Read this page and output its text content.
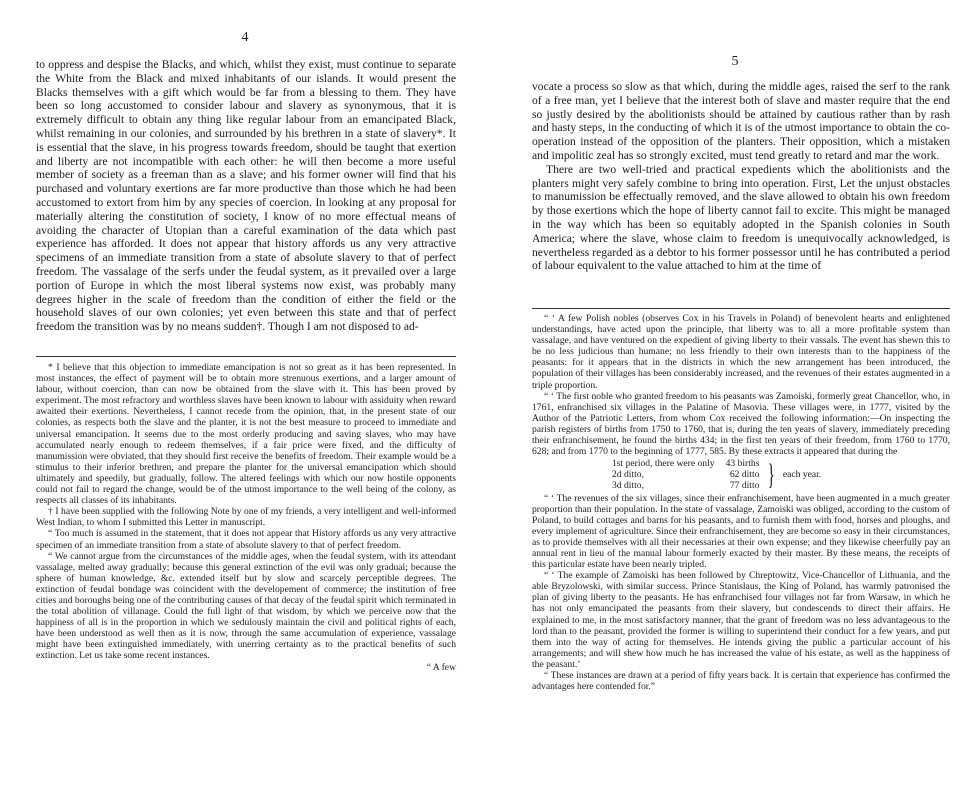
4

to oppress and despise the Blacks, and which, whilst they exist, must continue to separate the White from the Black and mixed inhabitants of our islands. It would present the Blacks themselves with a gift which would be far from a blessing to them. They have been so long accustomed to consider labour and slavery as synonymous, that it is extremely difficult to obtain any thing like regular labour from an emancipated Black, whilst remaining in our colonies, and surrounded by his brethren in a state of slavery*. It is essential that the slave, in his progress towards freedom, should be taught that exertion and liberty are not incompatible with each other: he will then become a more useful member of society as a freeman than as a slave; and his former owner will find that his purchased and voluntary exertions are far more productive than those which he had been accustomed to extort from him by any species of coercion. In looking at any proposal for materially altering the constitution of society, I know of no more effectual means of avoiding the character of Utopian than a careful examination of the data which past experience has afforded. It does not appear that history affords us any very attractive specimens of an immediate transition from a state of absolute slavery to that of perfect freedom. The vassalage of the serfs under the feudal system, as it prevailed over a large portion of Europe in which the most liberal systems now exist, was probably many degrees higher in the scale of freedom than the condition of either the field or the household slaves of our own colonies; yet even between this state and that of perfect freedom the transition was by no means sudden†. Though I am not disposed to ad-

* I believe that this objection to immediate emancipation is not so great as it has been represented. In most instances, the effect of payment will be to obtain more strenuous exertions, and a larger amount of labour, without coercion, than can now be obtained from the slave with it. This has been proved by experiment. The most refractory and worthless slaves have been known to labour with assiduity when reward awaited their exertions. Nevertheless, I cannot recede from the opinion, that, in the present state of our colonies, as respects both the slave and the planter, it is not the best measure to proceed to immediate and universal emancipation. It seems due to the most orderly producing and saving slaves, who may have accumulated nearly enough to redeem themselves, if a fair price were fixed, and the difficulty of manumission were obviated, that they should first receive the benefits of freedom. Their example would be a stimulus to their inferior brethren, and prepare the planter for the universal emancipation which should ultimately and speedily, but gradually, follow. The altered feelings with which our now hostile opponents could not fail to regard the change, would be of the utmost importance to the well being of the colony, as respects all classes of its inhabitants.

† I have been supplied with the following Note by one of my friends, a very intelligent and well-informed West Indian, to whom I submitted this Letter in manuscript.

“ Too much is assumed in the statement, that it does not appear that History affords us any very attractive specimen of an immediate transition from a state of absolute slavery to that of perfect freedom.

“ We cannot argue from the circumstances of the middle ages, when the feudal system, with its attendant vassalage, melted away gradually; because this general extinction of the evil was only gradual; because the sphere of human knowledge, &c. extended itself but by slow and scarcely perceptible degrees. The extinction of feudal bondage was coincident with the developement of commerce; the institution of free cities and boroughs being one of the contributing causes of that decay of the feudal spirit which terminated in the total abolition of villanage. Could the full light of that wisdom, by which we perceive now that the happiness of all is in the proportion in which we sedulously maintain the civil and political rights of each, have been understood as well then as it is now, through the same accumulation of experience, vassalage might have been extinguished immediately, with unerring certainty as to the practical benefits of such extinction. Let us take some recent instances.

“ A few
5

vocate a process so slow as that which, during the middle ages, raised the serf to the rank of a free man, yet I believe that the interest both of slave and master require that the end so justly desired by the abolitionists should be attained by cautious rather than by rash and hasty steps, in the conducting of which it is of the utmost importance to obtain the co-operation instead of the opposition of the planters. Their opposition, which a mistaken and impolitic zeal has so strongly excited, must tend greatly to retard and mar the work.

There are two well-tried and practical expedients which the abolitionists and the planters might very safely combine to bring into operation. First, Let the unjust obstacles to manumission be effectually removed, and the slave allowed to obtain his own freedom by those exertions which the hope of liberty cannot fail to excite. This might be managed in the way which has been so equitably adopted in the Spanish colonies in South America; where the slave, whose claim to freedom is unequivocally acknowledged, is nevertheless regarded as a debtor to his former possessor until he has contributed a period of labour equivalent to the value attached to him at the time of

“ ‘ A few Polish nobles (observes Cox in his Travels in Poland) of benevolent hearts and enlightened understandings, have acted upon the principle, that liberty was to all a more profitable system than vassalage, and have ventured on the expedient of giving liberty to their vassals. The event has shewn this to be no less judicious than humane; no less friendly to their own interests than to the happiness of the peasants: for it appears that in the districts in which the new arrangement has been introduced, the population of their villages has been considerably increased, and the revenues of their estates augmented in a triple proportion.

“ ‘ The first noble who granted freedom to his peasants was Zamoiski, formerly great Chancellor, who, in 1761, enfranchised six villages in the Palatine of Masovia. These villages were, in 1777, visited by the Author of the Patriotic Letters, from whom Cox received the following information:—On inspecting the parish registers of births from 1750 to 1760, that is, during the ten years of slavery, immediately preceding their enfranchisement, he found the births 434; in the first ten years of their freedom, from 1760 to 1770, 628; and from 1770 to the beginning of 1777, 585. By these extracts it appeared that during the

1st period, there were only	43 births
2d ditto,	62 ditto
3d ditto,	77 ditto } each year.

“ ‘ The revenues of the six villages, since their enfranchisement, have been augmented in a much greater proportion than their population. In the state of vassalage, Zamoiski was obliged, according to the custom of Poland, to build cottages and barns for his peasants, and to furnish them with food, horses and ploughs, and every implement of agriculture. Since their enfranchisement, they are become so easy in their circumstances, as to provide themselves with all their necessaries at their own expense; and they likewise cheerfully pay an annual rent in lieu of the manual labour formerly exacted by their master. By these means, the receipts of this particular estate have been nearly tripled.

“ ‘ The example of Zamoiski has been followed by Chreptowitz, Vice-Chancellor of Lithuania, and the able Bryzolowski, with similar success. Prince Stanislaus, the King of Poland, has warmly patronised the plan of giving liberty to the peasants. He has enfranchised four villages not far from Warsaw, in which he has not only emancipated the peasants from their slavery, but condescends to direct their affairs. He explained to me, in the most satisfactory manner, that the grant of freedom was no less advantageous to the lord than to the peasant, provided the former is willing to superintend their conduct for a few years, and put them into the way of acting for themselves. He intends giving the public a particular account of his arrangements; and will shew how much he has increased the value of his estate, as well as the happiness of the peasant.’

“ These instances are drawn at a period of fifty years back. It is certain that experience has confirmed the advantages here contended for.”
